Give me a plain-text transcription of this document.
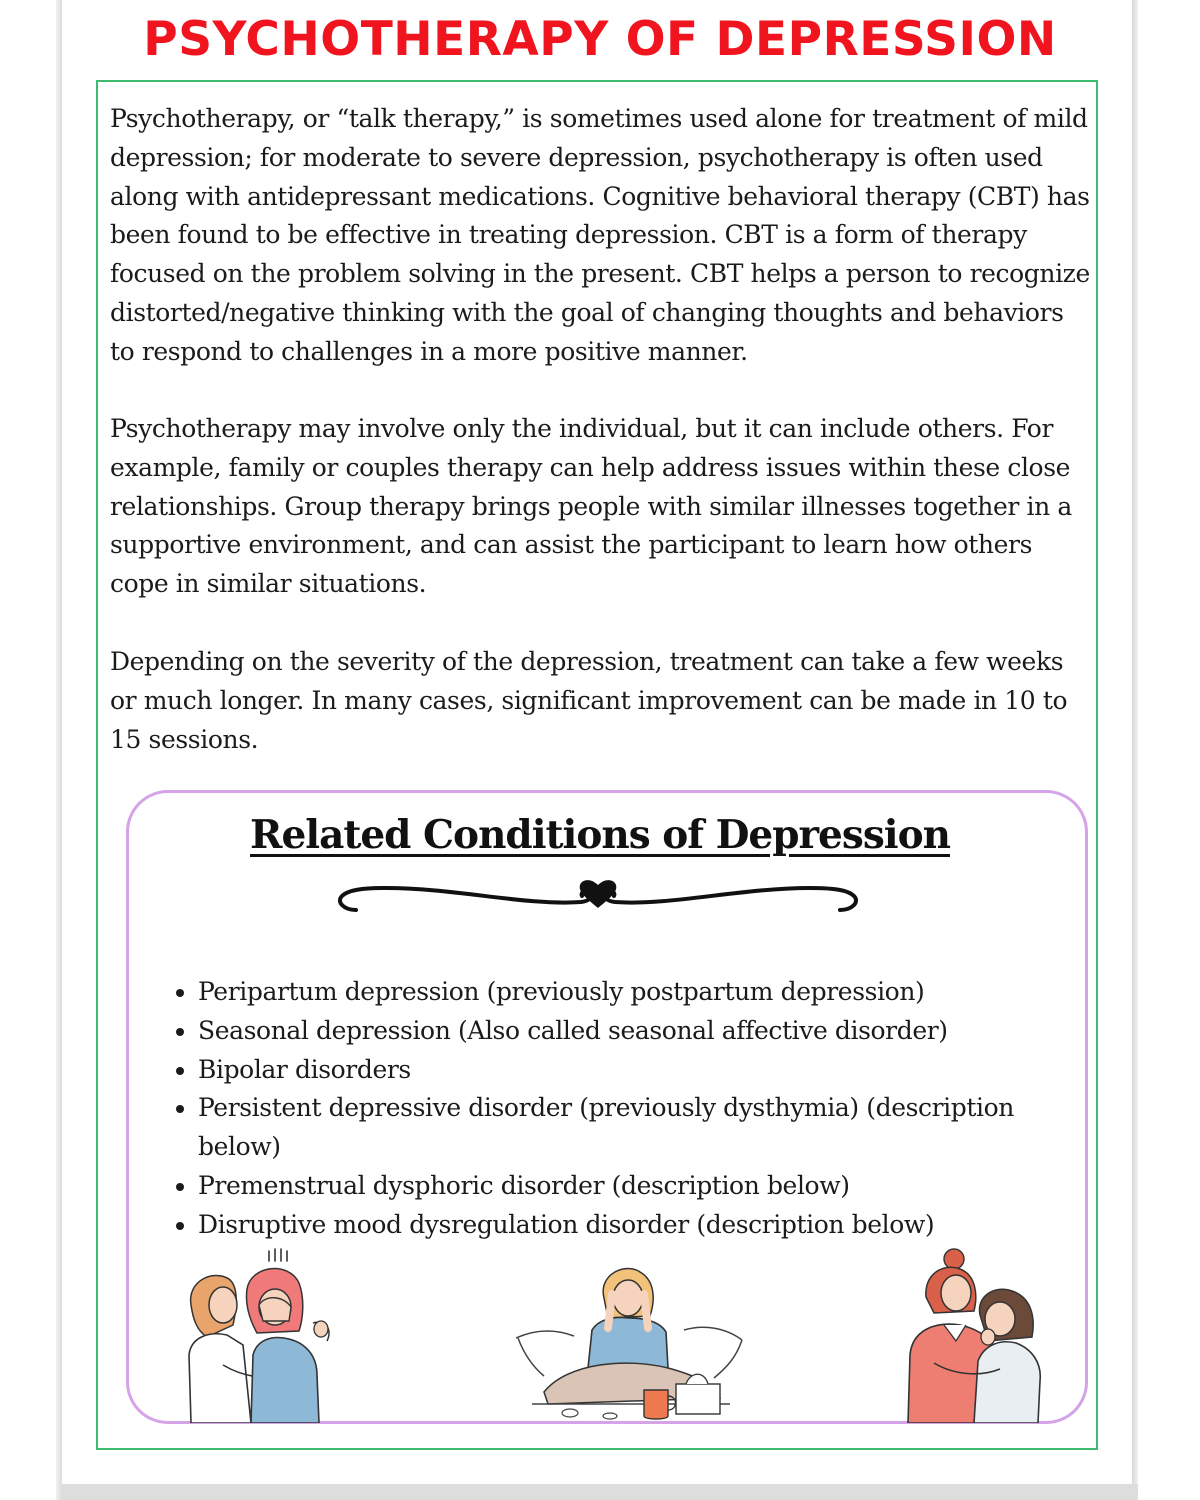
PSYCHOTHERAPY OF DEPRESSION

Psychotherapy, or “talk therapy,” is sometimes used alone for treatment of mild depression; for moderate to severe depression, psychotherapy is often used along with antidepressant medications. Cognitive behavioral therapy (CBT) has been found to be effective in treating depression. CBT is a form of therapy focused on the problem solving in the present. CBT helps a person to recognize distorted/negative thinking with the goal of changing thoughts and behaviors to respond to challenges in a more positive manner.

Psychotherapy may involve only the individual, but it can include others. For example, family or couples therapy can help address issues within these close relationships. Group therapy brings people with similar illnesses together in a supportive environment, and can assist the participant to learn how others cope in similar situations.

Depending on the severity of the depression, treatment can take a few weeks or much longer. In many cases, significant improvement can be made in 10 to 15 sessions.

Related Conditions of Depression
• Peripartum depression (previously postpartum depression)
• Seasonal depression (Also called seasonal affective disorder)
• Bipolar disorders
• Persistent depressive disorder (previously dysthymia) (description below)
• Premenstrual dysphoric disorder (description below)
• Disruptive mood dysregulation disorder (description below)
